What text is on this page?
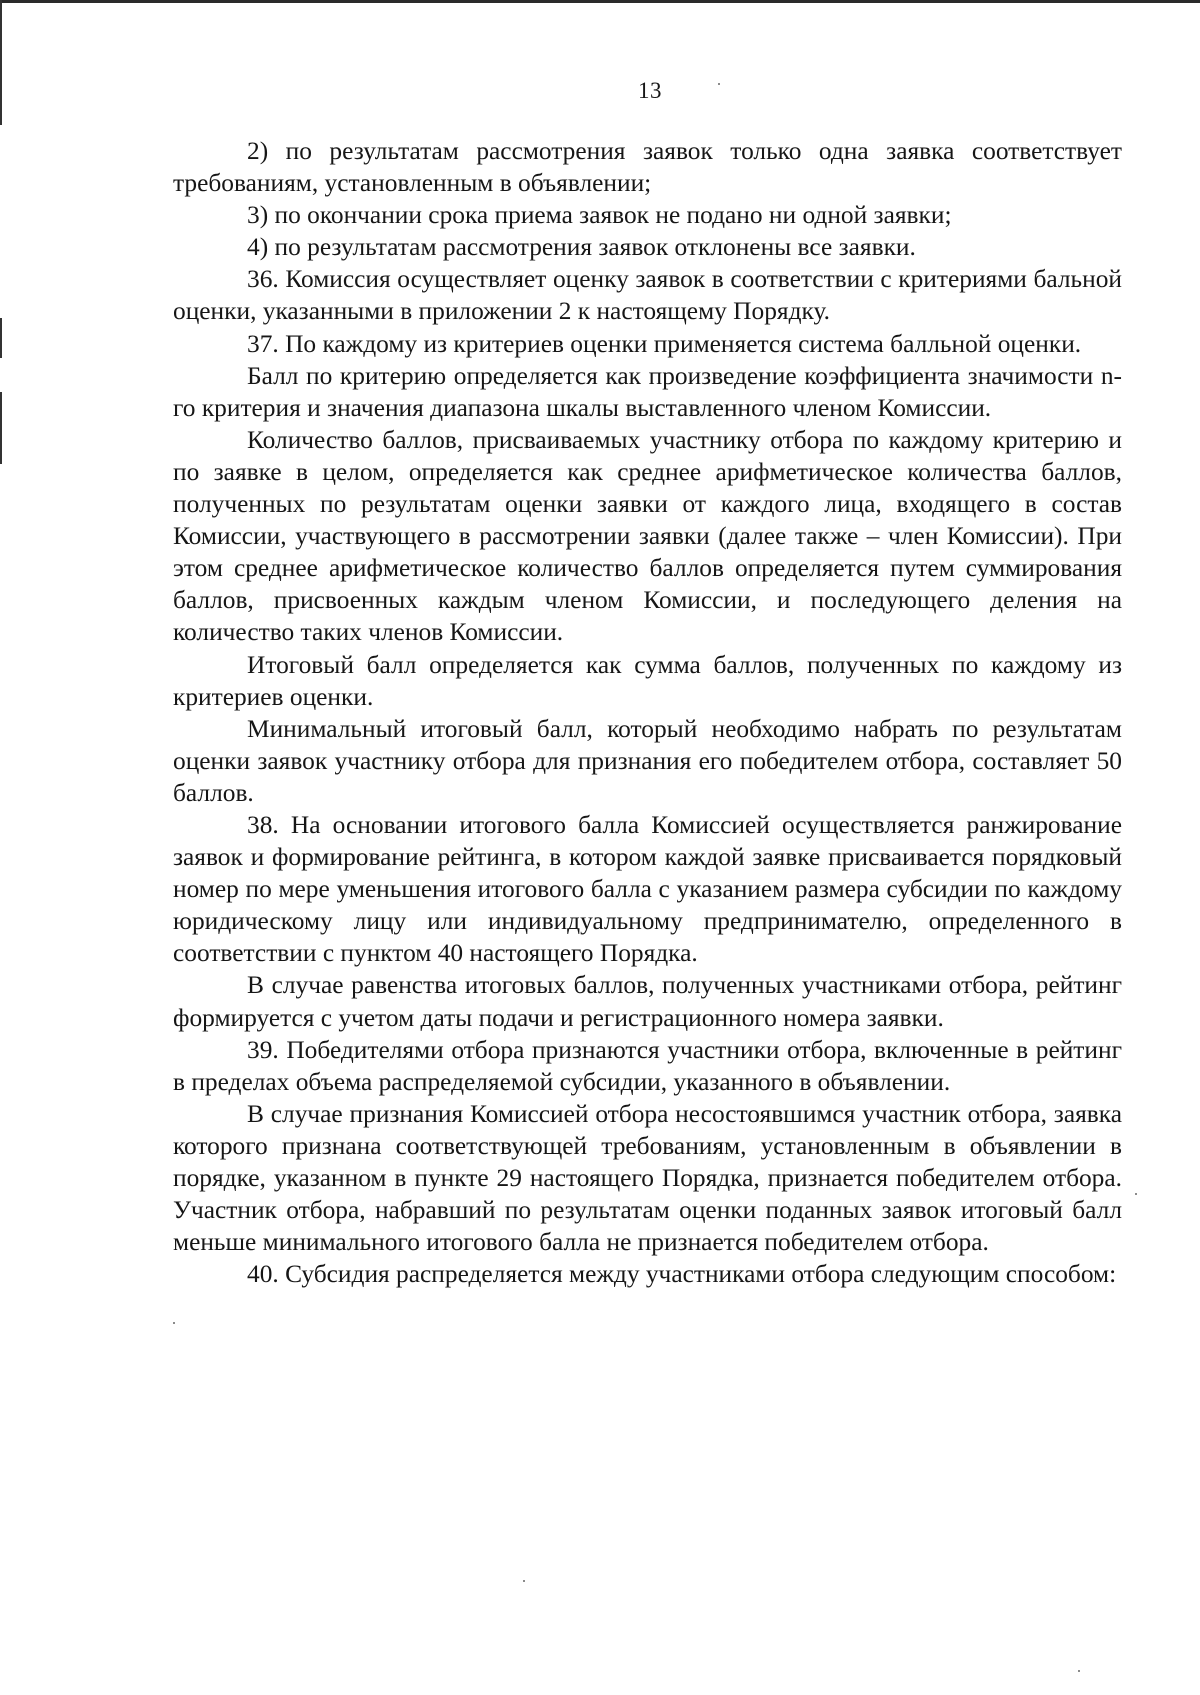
13

2) по результатам рассмотрения заявок только одна заявка соответствует требованиям, установленным в объявлении;

3) по окончании срока приема заявок не подано ни одной заявки;

4) по результатам рассмотрения заявок отклонены все заявки.

36. Комиссия осуществляет оценку заявок в соответствии с критериями бальной оценки, указанными в приложении 2 к настоящему Порядку.

37. По каждому из критериев оценки применяется система балльной оценки.

Балл по критерию определяется как произведение коэффициента значимости n-го критерия и значения диапазона шкалы выставленного членом Комиссии.

Количество баллов, присваиваемых участнику отбора по каждому критерию и по заявке в целом, определяется как среднее арифметическое количества баллов, полученных по результатам оценки заявки от каждого лица, входящего в состав Комиссии, участвующего в рассмотрении заявки (далее также – член Комиссии). При этом среднее арифметическое количество баллов определяется путем суммирования баллов, присвоенных каждым членом Комиссии, и последующего деления на количество таких членов Комиссии.

Итоговый балл определяется как сумма баллов, полученных по каждому из критериев оценки.

Минимальный итоговый балл, который необходимо набрать по результатам оценки заявок участнику отбора для признания его победителем отбора, составляет 50 баллов.

38. На основании итогового балла Комиссией осуществляется ранжирование заявок и формирование рейтинга, в котором каждой заявке присваивается порядковый номер по мере уменьшения итогового балла с указанием размера субсидии по каждому юридическому лицу или индивидуальному предпринимателю, определенного в соответствии с пунктом 40 настоящего Порядка.

В случае равенства итоговых баллов, полученных участниками отбора, рейтинг формируется с учетом даты подачи и регистрационного номера заявки.

39. Победителями отбора признаются участники отбора, включенные в рейтинг в пределах объема распределяемой субсидии, указанного в объявлении.

В случае признания Комиссией отбора несостоявшимся участник отбора, заявка которого признана соответствующей требованиям, установленным в объявлении в порядке, указанном в пункте 29 настоящего Порядка, признается победителем отбора. Участник отбора, набравший по результатам оценки поданных заявок итоговый балл меньше минимального итогового балла не признается победителем отбора.

40. Субсидия распределяется между участниками отбора следующим способом:
